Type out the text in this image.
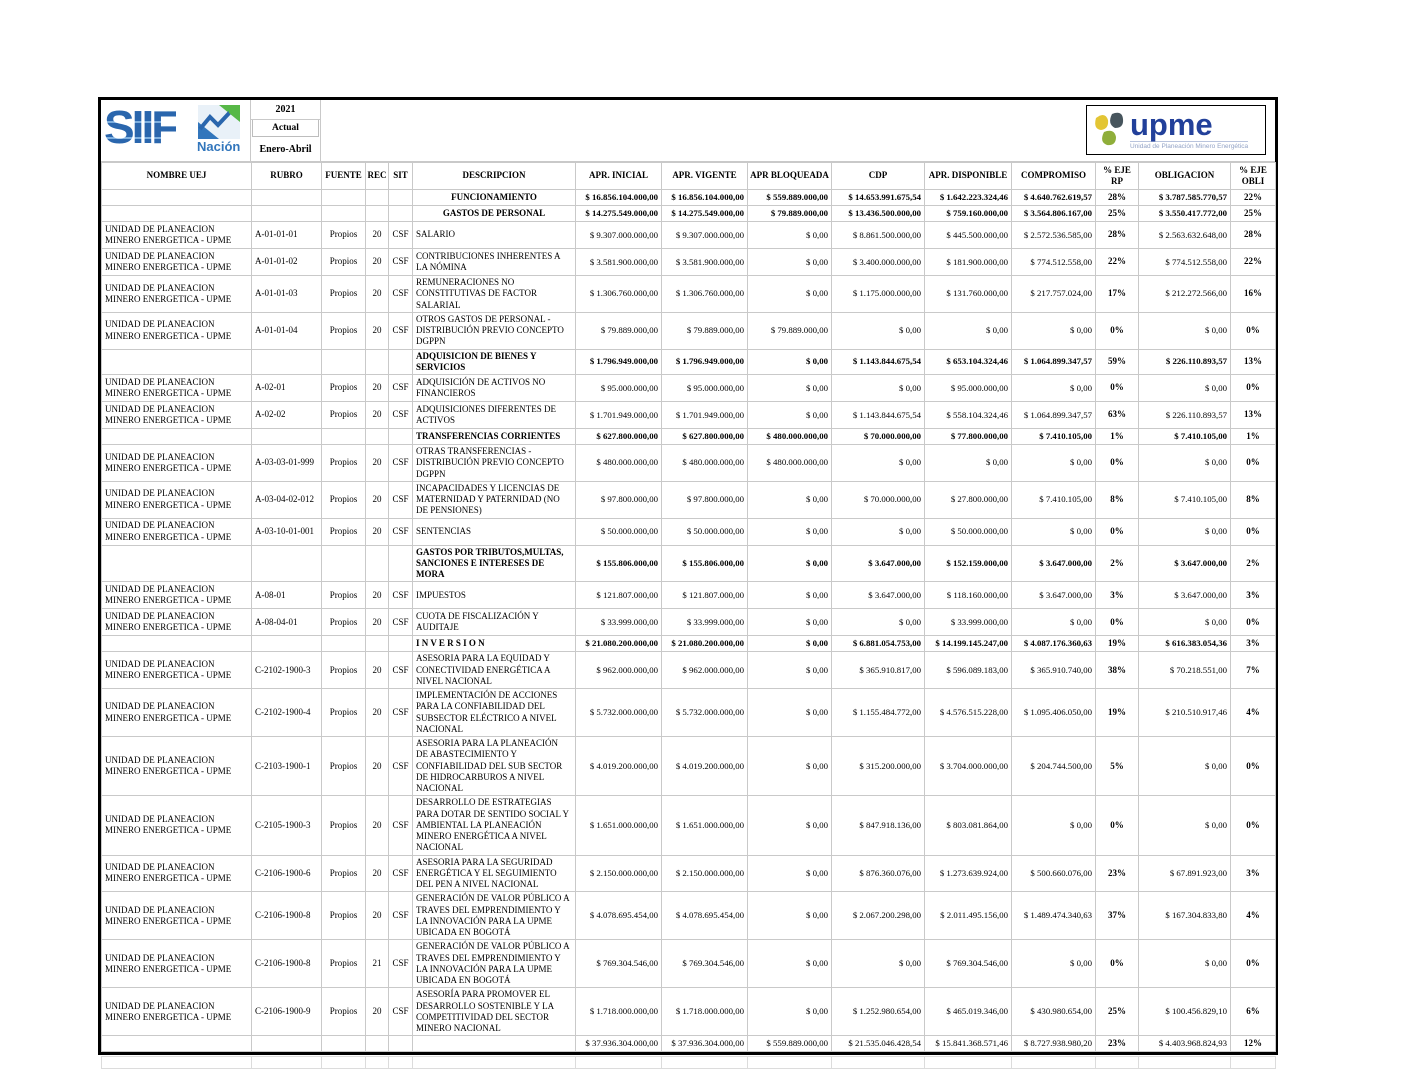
SIIF Nación
2021
Actual
Enero-Abril
upme
Unidad de Planeación Minero Energética
NOMBRE UEJ	RUBRO	FUENTE	REC	SIT	DESCRIPCION	APR. INICIAL	APR. VIGENTE	APR BLOQUEADA	CDP	APR. DISPONIBLE	COMPROMISO	% EJE RP	OBLIGACION	% EJE OBLI
					FUNCIONAMIENTO	$ 16.856.104.000,00	$ 16.856.104.000,00	$ 559.889.000,00	$ 14.653.991.675,54	$ 1.642.223.324,46	$ 4.640.762.619,57	28%	$ 3.787.585.770,57	22%
					GASTOS DE PERSONAL	$ 14.275.549.000,00	$ 14.275.549.000,00	$ 79.889.000,00	$ 13.436.500.000,00	$ 759.160.000,00	$ 3.564.806.167,00	25%	$ 3.550.417.772,00	25%
UNIDAD DE PLANEACION MINERO ENERGETICA - UPME	A-01-01-01	Propios	20	CSF	SALARIO	$ 9.307.000.000,00	$ 9.307.000.000,00	$ 0,00	$ 8.861.500.000,00	$ 445.500.000,00	$ 2.572.536.585,00	28%	$ 2.563.632.648,00	28%
UNIDAD DE PLANEACION MINERO ENERGETICA - UPME	A-01-01-02	Propios	20	CSF	CONTRIBUCIONES INHERENTES A LA NÓMINA	$ 3.581.900.000,00	$ 3.581.900.000,00	$ 0,00	$ 3.400.000.000,00	$ 181.900.000,00	$ 774.512.558,00	22%	$ 774.512.558,00	22%
UNIDAD DE PLANEACION MINERO ENERGETICA - UPME	A-01-01-03	Propios	20	CSF	REMUNERACIONES NO CONSTITUTIVAS DE FACTOR SALARIAL	$ 1.306.760.000,00	$ 1.306.760.000,00	$ 0,00	$ 1.175.000.000,00	$ 131.760.000,00	$ 217.757.024,00	17%	$ 212.272.566,00	16%
UNIDAD DE PLANEACION MINERO ENERGETICA - UPME	A-01-01-04	Propios	20	CSF	OTROS GASTOS DE PERSONAL - DISTRIBUCIÓN PREVIO CONCEPTO DGPPN	$ 79.889.000,00	$ 79.889.000,00	$ 79.889.000,00	$ 0,00	$ 0,00	$ 0,00	0%	$ 0,00	0%
					ADQUISICION DE BIENES Y SERVICIOS	$ 1.796.949.000,00	$ 1.796.949.000,00	$ 0,00	$ 1.143.844.675,54	$ 653.104.324,46	$ 1.064.899.347,57	59%	$ 226.110.893,57	13%
UNIDAD DE PLANEACION MINERO ENERGETICA - UPME	A-02-01	Propios	20	CSF	ADQUISICIÓN DE ACTIVOS NO FINANCIEROS	$ 95.000.000,00	$ 95.000.000,00	$ 0,00	$ 0,00	$ 95.000.000,00	$ 0,00	0%	$ 0,00	0%
UNIDAD DE PLANEACION MINERO ENERGETICA - UPME	A-02-02	Propios	20	CSF	ADQUISICIONES DIFERENTES DE ACTIVOS	$ 1.701.949.000,00	$ 1.701.949.000,00	$ 0,00	$ 1.143.844.675,54	$ 558.104.324,46	$ 1.064.899.347,57	63%	$ 226.110.893,57	13%
					TRANSFERENCIAS CORRIENTES	$ 627.800.000,00	$ 627.800.000,00	$ 480.000.000,00	$ 70.000.000,00	$ 77.800.000,00	$ 7.410.105,00	1%	$ 7.410.105,00	1%
UNIDAD DE PLANEACION MINERO ENERGETICA - UPME	A-03-03-01-999	Propios	20	CSF	OTRAS TRANSFERENCIAS - DISTRIBUCIÓN PREVIO CONCEPTO DGPPN	$ 480.000.000,00	$ 480.000.000,00	$ 480.000.000,00	$ 0,00	$ 0,00	$ 0,00	0%	$ 0,00	0%
UNIDAD DE PLANEACION MINERO ENERGETICA - UPME	A-03-04-02-012	Propios	20	CSF	INCAPACIDADES Y LICENCIAS DE MATERNIDAD Y PATERNIDAD (NO DE PENSIONES)	$ 97.800.000,00	$ 97.800.000,00	$ 0,00	$ 70.000.000,00	$ 27.800.000,00	$ 7.410.105,00	8%	$ 7.410.105,00	8%
UNIDAD DE PLANEACION MINERO ENERGETICA - UPME	A-03-10-01-001	Propios	20	CSF	SENTENCIAS	$ 50.000.000,00	$ 50.000.000,00	$ 0,00	$ 0,00	$ 50.000.000,00	$ 0,00	0%	$ 0,00	0%
					GASTOS POR TRIBUTOS,MULTAS, SANCIONES E INTERESES DE MORA	$ 155.806.000,00	$ 155.806.000,00	$ 0,00	$ 3.647.000,00	$ 152.159.000,00	$ 3.647.000,00	2%	$ 3.647.000,00	2%
UNIDAD DE PLANEACION MINERO ENERGETICA - UPME	A-08-01	Propios	20	CSF	IMPUESTOS	$ 121.807.000,00	$ 121.807.000,00	$ 0,00	$ 3.647.000,00	$ 118.160.000,00	$ 3.647.000,00	3%	$ 3.647.000,00	3%
UNIDAD DE PLANEACION MINERO ENERGETICA - UPME	A-08-04-01	Propios	20	CSF	CUOTA DE FISCALIZACIÓN Y AUDITAJE	$ 33.999.000,00	$ 33.999.000,00	$ 0,00	$ 0,00	$ 33.999.000,00	$ 0,00	0%	$ 0,00	0%
					I N V E R S I O N	$ 21.080.200.000,00	$ 21.080.200.000,00	$ 0,00	$ 6.881.054.753,00	$ 14.199.145.247,00	$ 4.087.176.360,63	19%	$ 616.383.054,36	3%
UNIDAD DE PLANEACION MINERO ENERGETICA - UPME	C-2102-1900-3	Propios	20	CSF	ASESORIA PARA LA EQUIDAD Y CONECTIVIDAD ENERGÉTICA A NIVEL NACIONAL	$ 962.000.000,00	$ 962.000.000,00	$ 0,00	$ 365.910.817,00	$ 596.089.183,00	$ 365.910.740,00	38%	$ 70.218.551,00	7%
UNIDAD DE PLANEACION MINERO ENERGETICA - UPME	C-2102-1900-4	Propios	20	CSF	IMPLEMENTACIÓN DE ACCIONES PARA LA CONFIABILIDAD DEL SUBSECTOR ELÉCTRICO A NIVEL NACIONAL	$ 5.732.000.000,00	$ 5.732.000.000,00	$ 0,00	$ 1.155.484.772,00	$ 4.576.515.228,00	$ 1.095.406.050,00	19%	$ 210.510.917,46	4%
UNIDAD DE PLANEACION MINERO ENERGETICA - UPME	C-2103-1900-1	Propios	20	CSF	ASESORIA PARA LA PLANEACIÓN DE ABASTECIMIENTO Y CONFIABILIDAD DEL SUB SECTOR DE HIDROCARBUROS A NIVEL NACIONAL	$ 4.019.200.000,00	$ 4.019.200.000,00	$ 0,00	$ 315.200.000,00	$ 3.704.000.000,00	$ 204.744.500,00	5%	$ 0,00	0%
UNIDAD DE PLANEACION MINERO ENERGETICA - UPME	C-2105-1900-3	Propios	20	CSF	DESARROLLO DE ESTRATEGIAS PARA DOTAR DE SENTIDO SOCIAL Y AMBIENTAL LA PLANEACIÓN MINERO ENERGÉTICA A NIVEL NACIONAL	$ 1.651.000.000,00	$ 1.651.000.000,00	$ 0,00	$ 847.918.136,00	$ 803.081.864,00	$ 0,00	0%	$ 0,00	0%
UNIDAD DE PLANEACION MINERO ENERGETICA - UPME	C-2106-1900-6	Propios	20	CSF	ASESORIA PARA LA SEGURIDAD ENERGÉTICA Y EL SEGUIMIENTO DEL PEN A NIVEL NACIONAL	$ 2.150.000.000,00	$ 2.150.000.000,00	$ 0,00	$ 876.360.076,00	$ 1.273.639.924,00	$ 500.660.076,00	23%	$ 67.891.923,00	3%
UNIDAD DE PLANEACION MINERO ENERGETICA - UPME	C-2106-1900-8	Propios	20	CSF	GENERACIÓN DE VALOR PÚBLICO A TRAVES DEL EMPRENDIMIENTO Y LA INNOVACIÓN PARA LA UPME UBICADA EN BOGOTÁ	$ 4.078.695.454,00	$ 4.078.695.454,00	$ 0,00	$ 2.067.200.298,00	$ 2.011.495.156,00	$ 1.489.474.340,63	37%	$ 167.304.833,80	4%
UNIDAD DE PLANEACION MINERO ENERGETICA - UPME	C-2106-1900-8	Propios	21	CSF	GENERACIÓN DE VALOR PÚBLICO A TRAVES DEL EMPRENDIMIENTO Y LA INNOVACIÓN PARA LA UPME UBICADA EN BOGOTÁ	$ 769.304.546,00	$ 769.304.546,00	$ 0,00	$ 0,00	$ 769.304.546,00	$ 0,00	0%	$ 0,00	0%
UNIDAD DE PLANEACION MINERO ENERGETICA - UPME	C-2106-1900-9	Propios	20	CSF	ASESORÍA PARA PROMOVER EL DESARROLLO SOSTENIBLE Y LA COMPETITIVIDAD DEL SECTOR MINERO NACIONAL	$ 1.718.000.000,00	$ 1.718.000.000,00	$ 0,00	$ 1.252.980.654,00	$ 465.019.346,00	$ 430.980.654,00	25%	$ 100.456.829,10	6%
						$ 37.936.304.000,00	$ 37.936.304.000,00	$ 559.889.000,00	$ 21.535.046.428,54	$ 15.841.368.571,46	$ 8.727.938.980,20	23%	$ 4.403.968.824,93	12%
